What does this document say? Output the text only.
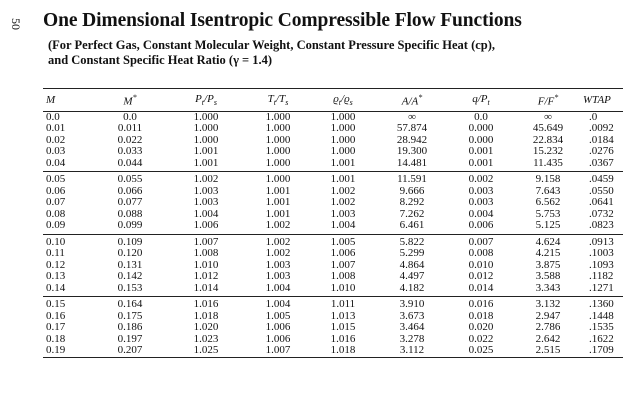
50 One Dimensional Isentropic Compressible Flow Functions
(For Perfect Gas, Constant Molecular Weight, Constant Pressure Specific Heat (cp),
and Constant Specific Heat Ratio (γ = 1.4)
M	M*	$P_t/P_s$	$T_t/T_s$	$ϱ_t/ϱ_s$	A/A*	$q/P_t$	F/F*	WTAP
0.0	0.0	1.000	1.000	1.000	∞	0.0	∞	.0
0.01	0.011	1.000	1.000	1.000	57.874	0.000	45.649	.0092
0.02	0.022	1.000	1.000	1.000	28.942	0.000	22.834	.0184
0.03	0.033	1.001	1.000	1.000	19.300	0.001	15.232	.0276
0.04	0.044	1.001	1.000	1.001	14.481	0.001	11.435	.0367
0.05	0.055	1.002	1.000	1.001	11.591	0.002	9.158	.0459
0.06	0.066	1.003	1.001	1.002	9.666	0.003	7.643	.0550
0.07	0.077	1.003	1.001	1.002	8.292	0.003	6.562	.0641
0.08	0.088	1.004	1.001	1.003	7.262	0.004	5.753	.0732
0.09	0.099	1.006	1.002	1.004	6.461	0.006	5.125	.0823
0.10	0.109	1.007	1.002	1.005	5.822	0.007	4.624	.0913
0.11	0.120	1.008	1.002	1.006	5.299	0.008	4.215	.1003
0.12	0.131	1.010	1.003	1.007	4.864	0.010	3.875	.1093
0.13	0.142	1.012	1.003	1.008	4.497	0.012	3.588	.1182
0.14	0.153	1.014	1.004	1.010	4.182	0.014	3.343	.1271
0.15	0.164	1.016	1.004	1.011	3.910	0.016	3.132	.1360
0.16	0.175	1.018	1.005	1.013	3.673	0.018	2.947	.1448
0.17	0.186	1.020	1.006	1.015	3.464	0.020	2.786	.1535
0.18	0.197	1.023	1.006	1.016	3.278	0.022	2.642	.1622
0.19	0.207	1.025	1.007	1.018	3.112	0.025	2.515	.1709
